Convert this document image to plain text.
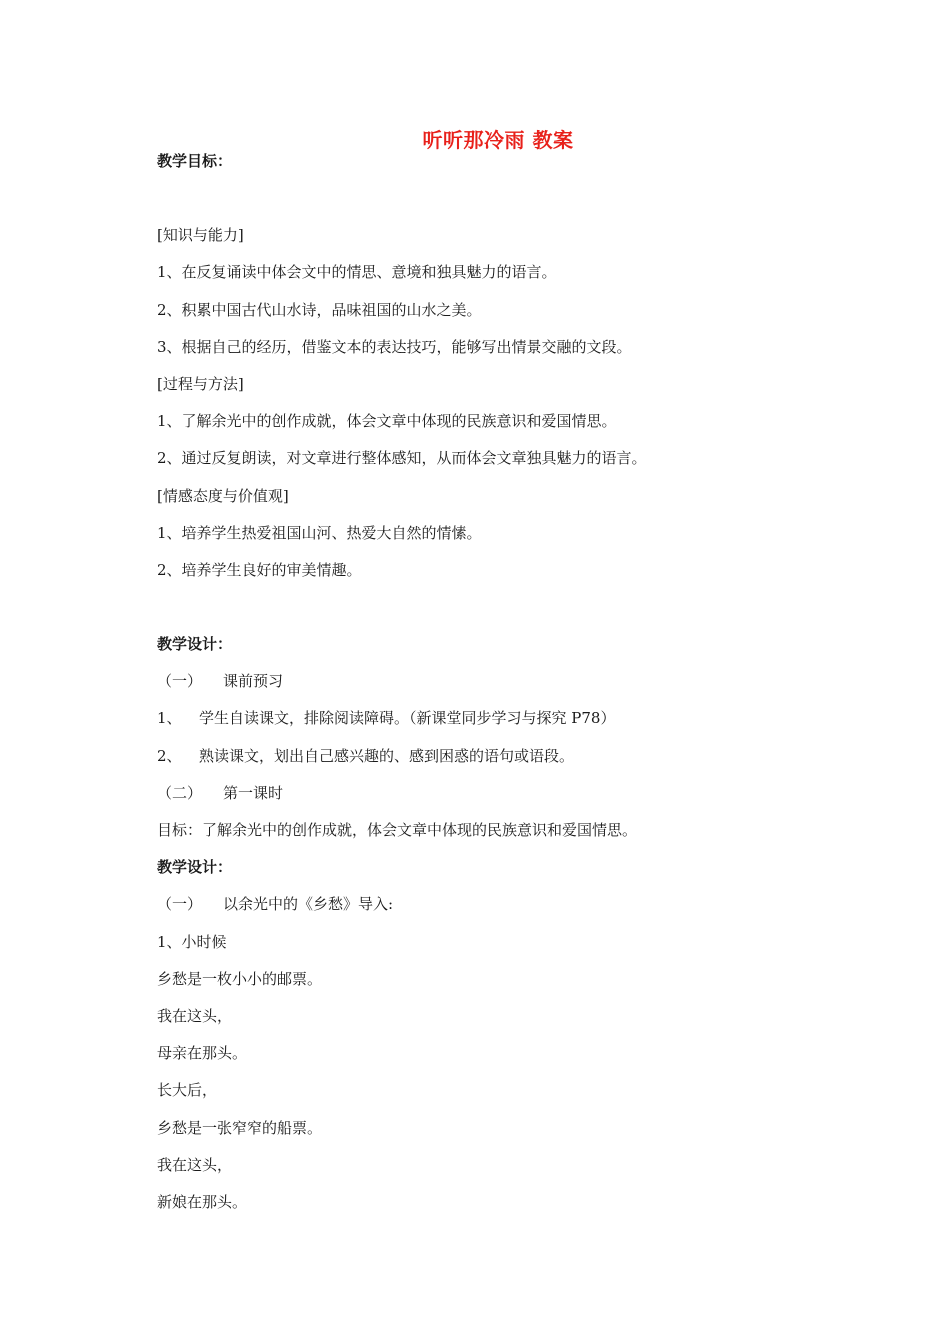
听听那冷雨 教案
教学目标：
[知识与能力]
1、在反复诵读中体会文中的情思、意境和独具魅力的语言。
2、积累中国古代山水诗，品味祖国的山水之美。
3、根据自己的经历，借鉴文本的表达技巧，能够写出情景交融的文段。
[过程与方法]
1、了解余光中的创作成就，体会文章中体现的民族意识和爱国情思。
2、通过反复朗读，对文章进行整体感知，从而体会文章独具魅力的语言。
[情感态度与价值观]
1、培养学生热爱祖国山河、热爱大自然的情愫。
2、培养学生良好的审美情趣。
教学设计：
（一） 课前预习
1、 学生自读课文，排除阅读障碍。（新课堂同步学习与探究 P78）
2、 熟读课文，划出自己感兴趣的、感到困惑的语句或语段。
（二） 第一课时
目标：了解余光中的创作成就，体会文章中体现的民族意识和爱国情思。
教学设计：
（一） 以余光中的《乡愁》导入:
1、小时候
乡愁是一枚小小的邮票。
我在这头，
母亲在那头。
长大后，
乡愁是一张窄窄的船票。
我在这头，
新娘在那头。
